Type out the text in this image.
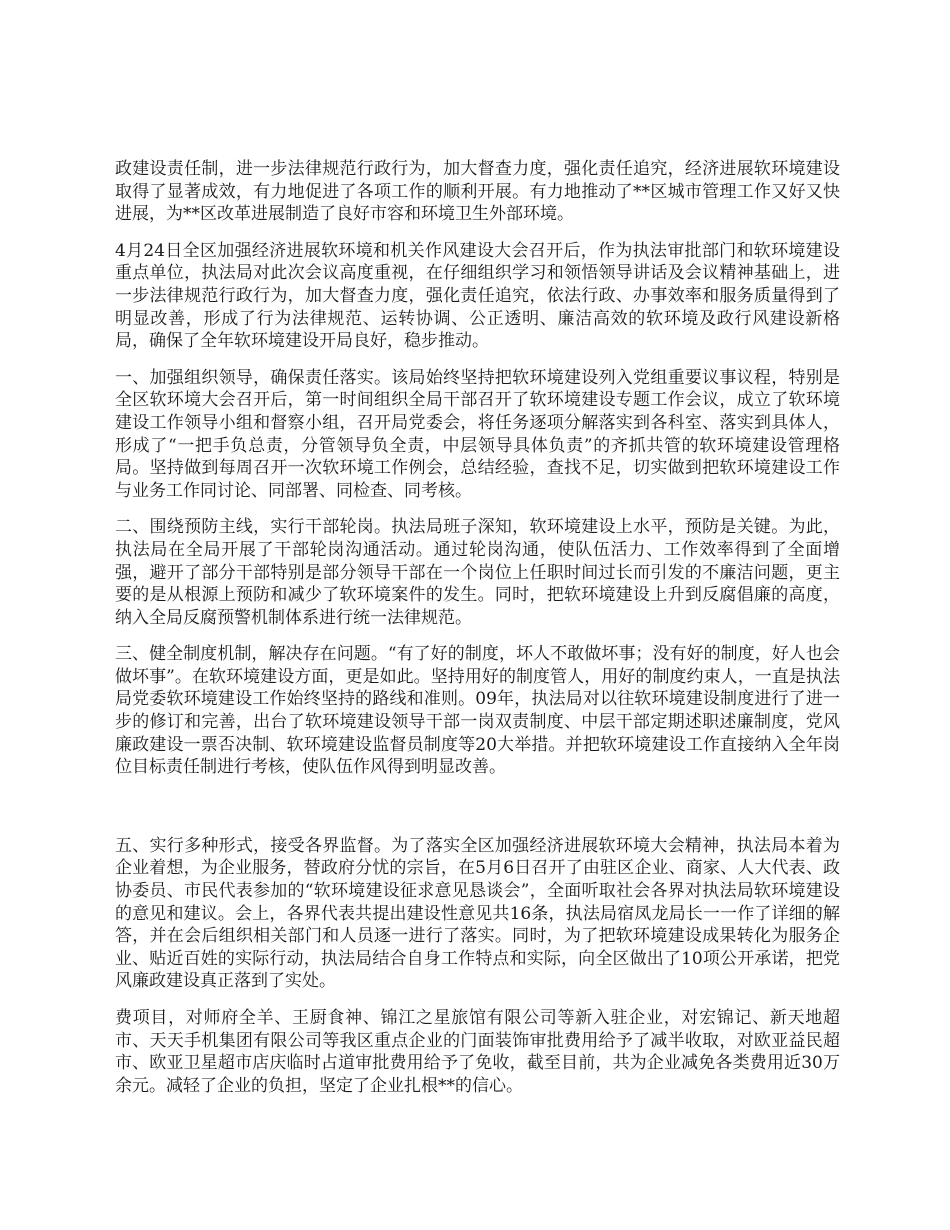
政建设责任制，进一步法律规范行政行为，加大督查力度，强化责任追究，经济进展软环境建设取得了显著成效，有力地促进了各项工作的顺利开展。有力地推动了**区城市管理工作又好又快进展，为**区改革进展制造了良好市容和环境卫生外部环境。

4月24日全区加强经济进展软环境和机关作风建设大会召开后，作为执法审批部门和软环境建设重点单位，执法局对此次会议高度重视，在仔细组织学习和领悟领导讲话及会议精神基础上，进一步法律规范行政行为，加大督查力度，强化责任追究，依法行政、办事效率和服务质量得到了明显改善，形成了行为法律规范、运转协调、公正透明、廉洁高效的软环境及政行风建设新格局，确保了全年软环境建设开局良好，稳步推动。

一、加强组织领导，确保责任落实。该局始终坚持把软环境建设列入党组重要议事议程，特别是全区软环境大会召开后，第一时间组织全局干部召开了软环境建设专题工作会议，成立了软环境建设工作领导小组和督察小组，召开局党委会，将任务逐项分解落实到各科室、落实到具体人，形成了“一把手负总责，分管领导负全责，中层领导具体负责”的齐抓共管的软环境建设管理格局。坚持做到每周召开一次软环境工作例会，总结经验，查找不足，切实做到把软环境建设工作与业务工作同讨论、同部署、同检查、同考核。

二、围绕预防主线，实行干部轮岗。执法局班子深知，软环境建设上水平，预防是关键。为此，执法局在全局开展了干部轮岗沟通活动。通过轮岗沟通，使队伍活力、工作效率得到了全面增强，避开了部分干部特别是部分领导干部在一个岗位上任职时间过长而引发的不廉洁问题，更主要的是从根源上预防和减少了软环境案件的发生。同时，把软环境建设上升到反腐倡廉的高度，纳入全局反腐预警机制体系进行统一法律规范。

三、健全制度机制，解决存在问题。“有了好的制度，坏人不敢做坏事；没有好的制度，好人也会做坏事”。在软环境建设方面，更是如此。坚持用好的制度管人，用好的制度约束人，一直是执法局党委软环境建设工作始终坚持的路线和准则。09年，执法局对以往软环境建设制度进行了进一步的修订和完善，出台了软环境建设领导干部一岗双责制度、中层干部定期述职述廉制度，党风廉政建设一票否决制、软环境建设监督员制度等20大举措。并把软环境建设工作直接纳入全年岗位目标责任制进行考核，使队伍作风得到明显改善。

五、实行多种形式，接受各界监督。为了落实全区加强经济进展软环境大会精神，执法局本着为企业着想，为企业服务，替政府分忧的宗旨，在5月6日召开了由驻区企业、商家、人大代表、政协委员、市民代表参加的“软环境建设征求意见恳谈会”，全面听取社会各界对执法局软环境建设的意见和建议。会上，各界代表共提出建设性意见共16条，执法局宿凤龙局长一一作了详细的解答，并在会后组织相关部门和人员逐一进行了落实。同时，为了把软环境建设成果转化为服务企业、贴近百姓的实际行动，执法局结合自身工作特点和实际，向全区做出了10项公开承诺，把党风廉政建设真正落到了实处。

费项目，对师府全羊、王厨食神、锦江之星旅馆有限公司等新入驻企业，对宏锦记、新天地超市、天天手机集团有限公司等我区重点企业的门面装饰审批费用给予了减半收取，对欧亚益民超市、欧亚卫星超市店庆临时占道审批费用给予了免收，截至目前，共为企业减免各类费用近30万余元。减轻了企业的负担，坚定了企业扎根**的信心。
